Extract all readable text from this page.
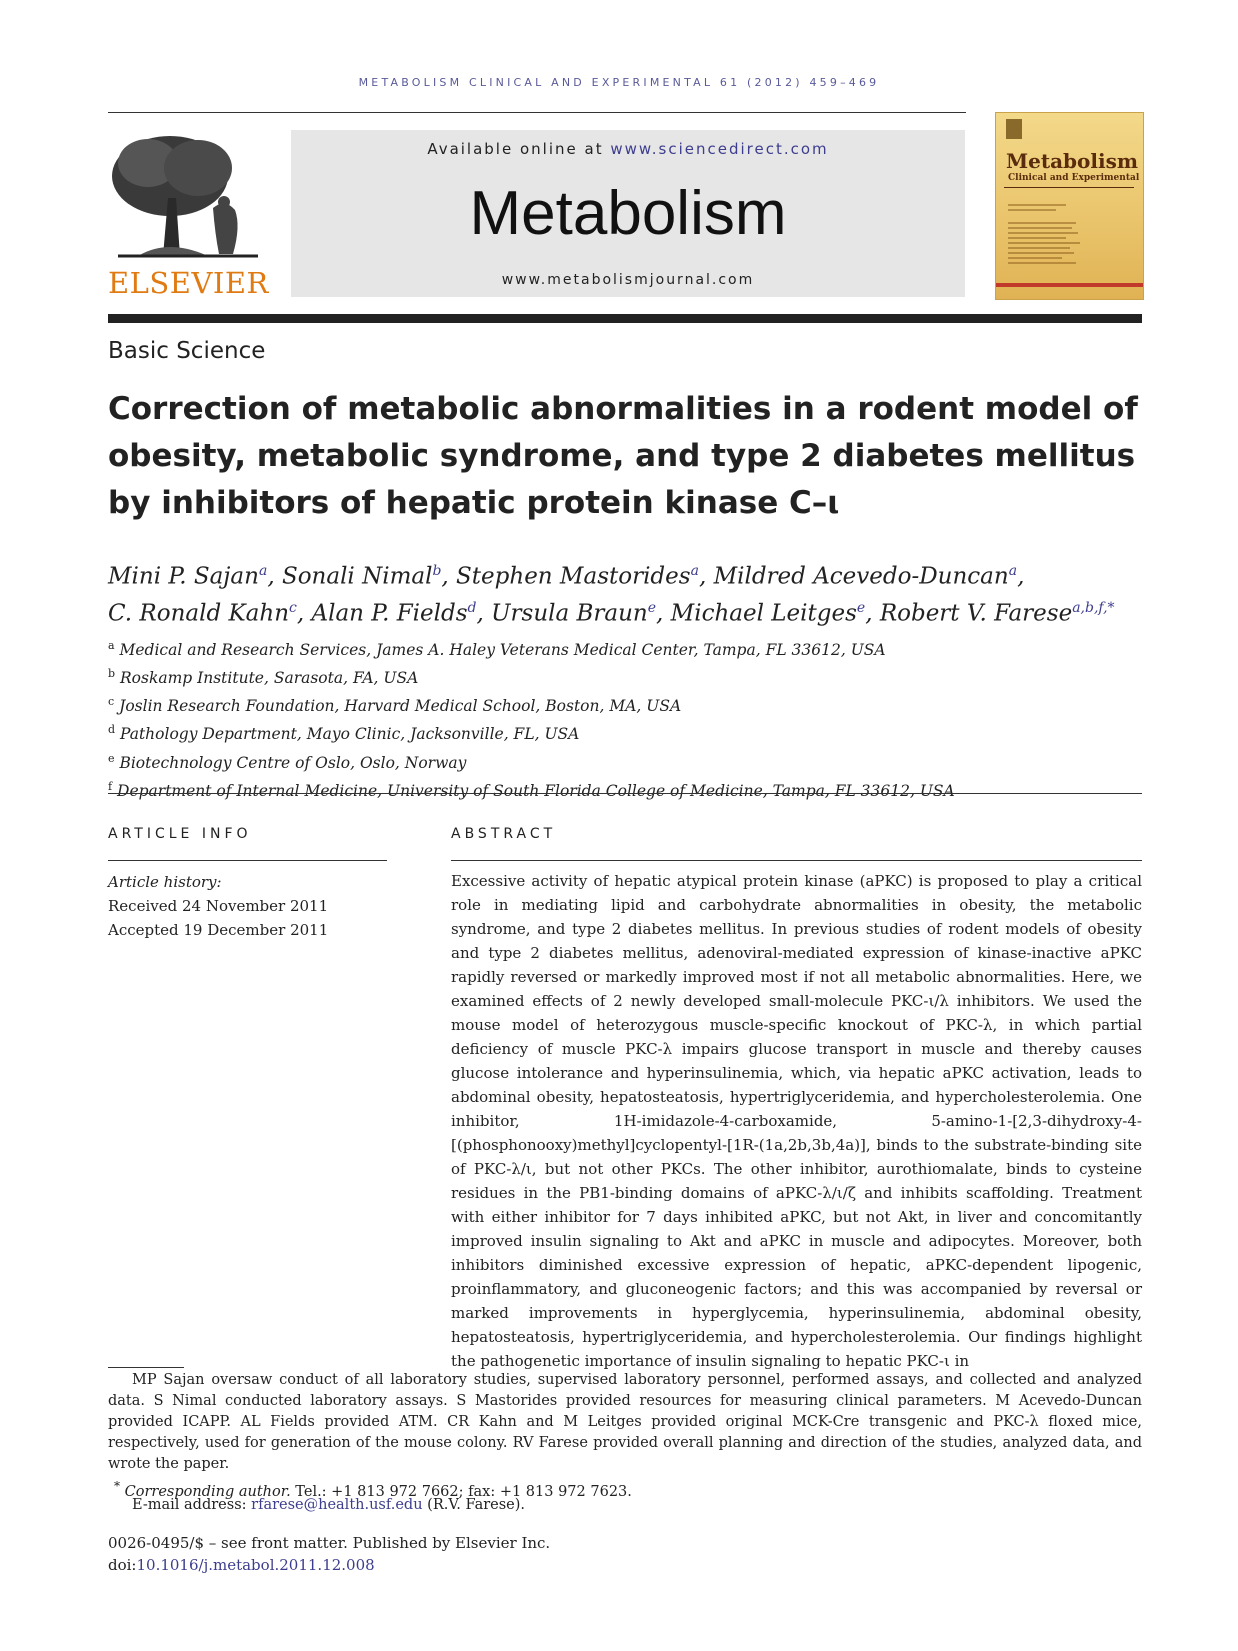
METABOLISM CLINICAL AND EXPERIMENTAL 61 (2012) 459–469
ELSEVIER
Available online at www.sciencedirect.com
Metabolism
www.metabolismjournal.com
Metabolism
Clinical and Experimental
Basic Science
Correction of metabolic abnormalities in a rodent model of obesity, metabolic syndrome, and type 2 diabetes mellitus by inhibitors of hepatic protein kinase C–ι
Mini P. Sajan$^a$, Sonali Nimal$^b$, Stephen Mastorides$^a$, Mildred Acevedo-Duncan$^a$,
C. Ronald Kahn$^c$, Alan P. Fields$^d$, Ursula Braun$^e$, Michael Leitges$^e$, Robert V. Farese$^{a,b,f,*}$
$^a$ Medical and Research Services, James A. Haley Veterans Medical Center, Tampa, FL 33612, USA
$^b$ Roskamp Institute, Sarasota, FA, USA
$^c$ Joslin Research Foundation, Harvard Medical School, Boston, MA, USA
$^d$ Pathology Department, Mayo Clinic, Jacksonville, FL, USA
$^e$ Biotechnology Centre of Oslo, Oslo, Norway
$^f$ Department of Internal Medicine, University of South Florida College of Medicine, Tampa, FL 33612, USA
ARTICLE INFO	ABSTRACT
Article history:
Received 24 November 2011
Accepted 19 December 2011
Excessive activity of hepatic atypical protein kinase (aPKC) is proposed to play a critical role in mediating lipid and carbohydrate abnormalities in obesity, the metabolic syndrome, and type 2 diabetes mellitus. In previous studies of rodent models of obesity and type 2 diabetes mellitus, adenoviral-mediated expression of kinase-inactive aPKC rapidly reversed or markedly improved most if not all metabolic abnormalities. Here, we examined effects of 2 newly developed small-molecule PKC-ι/λ inhibitors. We used the mouse model of heterozygous muscle-specific knockout of PKC-λ, in which partial deficiency of muscle PKC-λ impairs glucose transport in muscle and thereby causes glucose intolerance and hyperinsulinemia, which, via hepatic aPKC activation, leads to abdominal obesity, hepatosteatosis, hypertriglyceridemia, and hypercholesterolemia. One inhibitor, 1H-imidazole-4-carboxamide, 5-amino-1-[2,3-dihydroxy-4-[(phosphonooxy)methyl]cyclopentyl-[1R-(1a,2b,3b,4a)], binds to the substrate-binding site of PKC-λ/ι, but not other PKCs. The other inhibitor, aurothiomalate, binds to cysteine residues in the PB1-binding domains of aPKC-λ/ι/ζ and inhibits scaffolding. Treatment with either inhibitor for 7 days inhibited aPKC, but not Akt, in liver and concomitantly improved insulin signaling to Akt and aPKC in muscle and adipocytes. Moreover, both inhibitors diminished excessive expression of hepatic, aPKC-dependent lipogenic, proinflammatory, and gluconeogenic factors; and this was accompanied by reversal or marked improvements in hyperglycemia, hyperinsulinemia, abdominal obesity, hepatosteatosis, hypertriglyceridemia, and hypercholesterolemia. Our findings highlight the pathogenetic importance of insulin signaling to hepatic PKC-ι in
MP Sajan oversaw conduct of all laboratory studies, supervised laboratory personnel, performed assays, and collected and analyzed data. S Nimal conducted laboratory assays. S Mastorides provided resources for measuring clinical parameters. M Acevedo-Duncan provided ICAPP. AL Fields provided ATM. CR Kahn and M Leitges provided original MCK-Cre transgenic and PKC-λ floxed mice, respectively, used for generation of the mouse colony. RV Farese provided overall planning and direction of the studies, analyzed data, and wrote the paper.
* Corresponding author. Tel.: +1 813 972 7662; fax: +1 813 972 7623.
E-mail address: rfarese@health.usf.edu (R.V. Farese).
0026-0495/$ – see front matter. Published by Elsevier Inc.
doi:10.1016/j.metabol.2011.12.008
